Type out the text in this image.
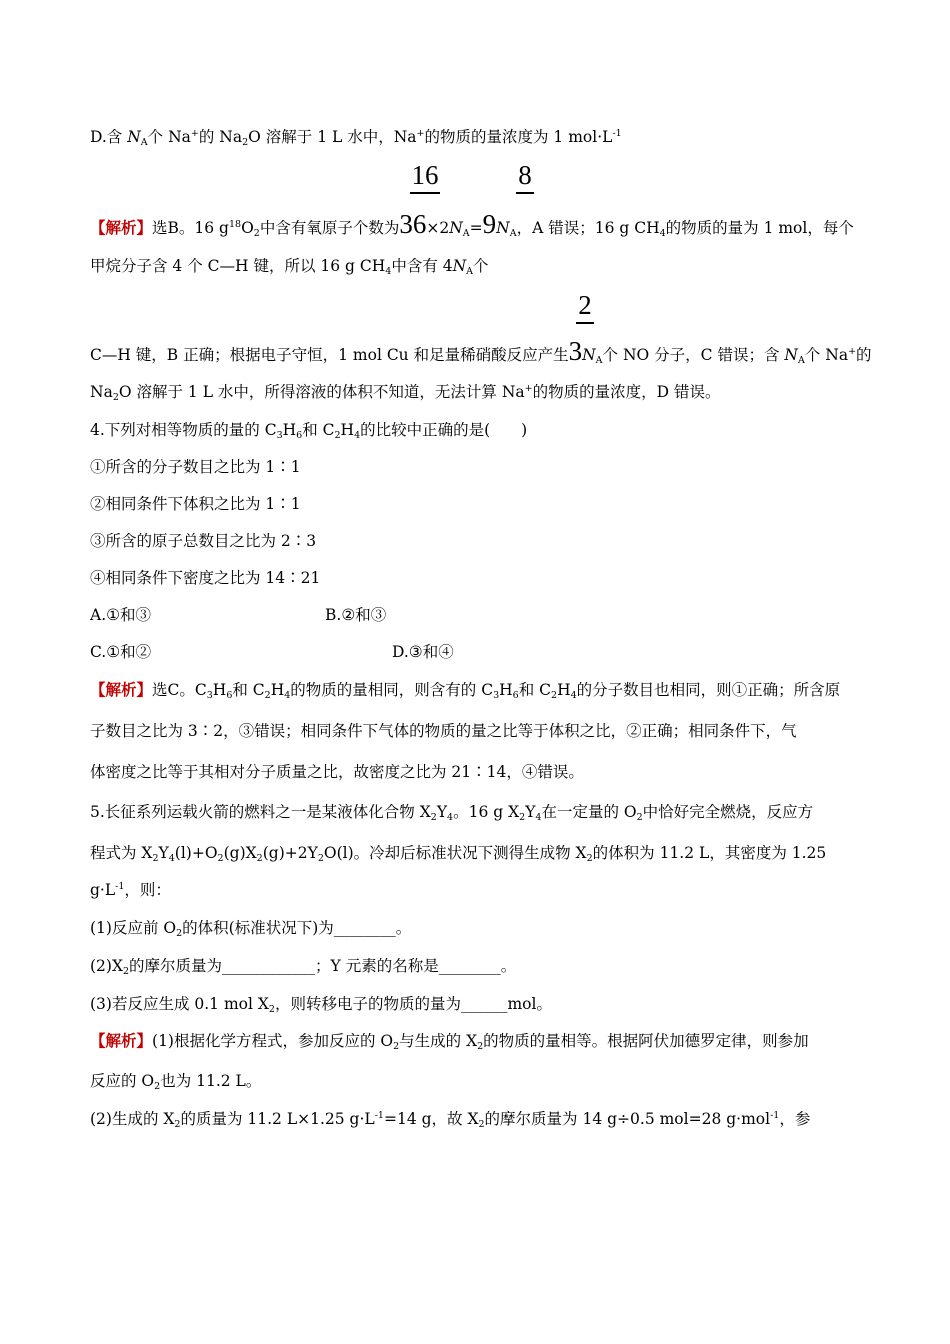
D.含 $N_A$个 Na+的 $Na_2O$ 溶解于 1 L 水中，Na+的物质的量浓度为 1 $mol\cdot L^{-1}$
16	8
【解析】选B。16 $g^{18}O_2$中含有氧原子个数为$36\times 2N_A=9N_A$，A 错误；16 g $CH_4$的物质的量为 1 mol，每个
甲烷分子含 4 个 C—H 键，所以 16 g $CH_4$中含有 $4N_A$个
2
C—H 键，B 正确；根据电子守恒，1 mol Cu 和足量稀硝酸反应产生$3N_A$个 NO 分子，C 错误；含 $N_A$个 Na+的
$Na_2O$ 溶解于 1 L 水中，所得溶液的体积不知道，无法计算 Na+的物质的量浓度，D 错误。
4.下列对相等物质的量的 $C_3H_6$和 $C_2H_4$的比较中正确的是(　　)
①所含的分子数目之比为 1∶1
②相同条件下体积之比为 1∶1
③所含的原子总数目之比为 2∶3
④相同条件下密度之比为 14∶21
A.①和③	B.②和③
C.①和②	D.③和④
【解析】选C。$C_3H_6$和 $C_2H_4$的物质的量相同，则含有的 $C_3H_6$和 $C_2H_4$的分子数目也相同，则①正确；所含原
子数目之比为 3∶2，③错误；相同条件下气体的物质的量之比等于体积之比，②正确；相同条件下，气
体密度之比等于其相对分子质量之比，故密度之比为 21∶14，④错误。
5.长征系列运载火箭的燃料之一是某液体化合物 $X_2Y_4$。16 g $X_2Y_4$在一定量的 $O_2$中恰好完全燃烧，反应方
程式为 $X_2Y_4(l)+O_2(g)X_2(g)+2Y_2O(l)$。冷却后标准状况下测得生成物 $X_2$的体积为 11.2 L，其密度为 1.25
$g\cdot L^{-1}$，则：
(1)反应前 $O_2$的体积(标准状况下)为________。
$(2)X_2$的摩尔质量为____________；Y 元素的名称是________。
(3)若反应生成 0.1 mol $X_2$，则转移电子的物质的量为______mol。
【解析】(1)根据化学方程式，参加反应的 $O_2$与生成的 $X_2$的物质的量相等。根据阿伏加德罗定律，则参加
反应的 $O_2$也为 11.2 L。
(2)生成的 $X_2$的质量为 11.2 L×1.25 $g\cdot L^{-1}=14$ g，故 $X_2$的摩尔质量为 14 g÷0.5 mol=28 g·mol$^{-1}$，参
